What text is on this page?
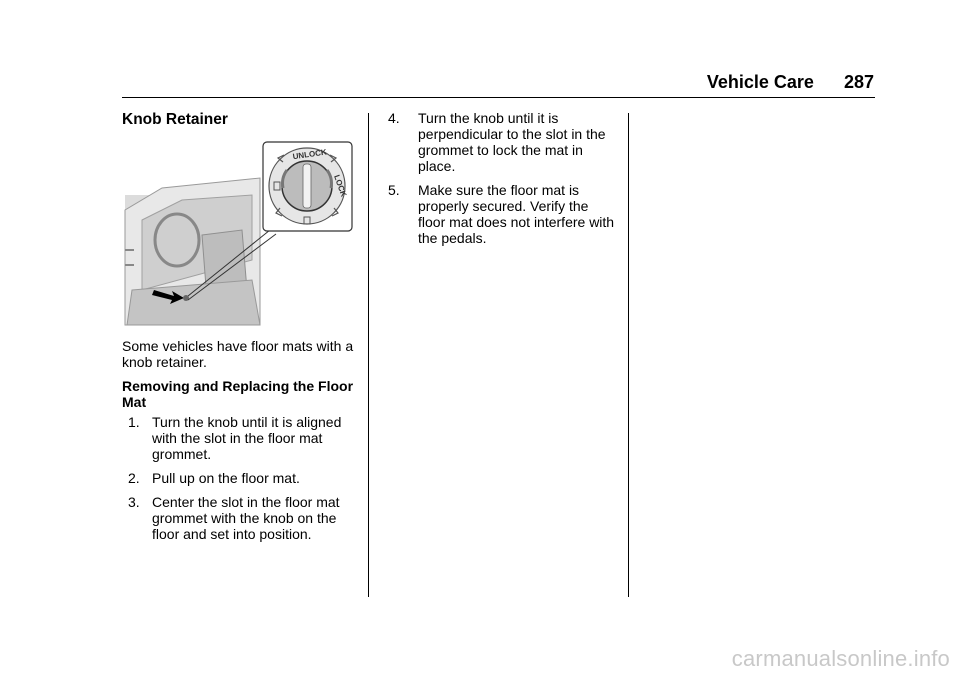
Vehicle Care 287
Knob Retainer
UNLOCK
LOCK

Some vehicles have floor mats with a knob retainer.

Removing and Replacing the Floor Mat

1. Turn the knob until it is aligned with the slot in the floor mat grommet.
2. Pull up on the floor mat.
3. Center the slot in the floor mat grommet with the knob on the floor and set into position.
4. Turn the knob until it is perpendicular to the slot in the grommet to lock the mat in place.
5. Make sure the floor mat is properly secured. Verify the floor mat does not interfere with the pedals.
carmanualsonline.info
